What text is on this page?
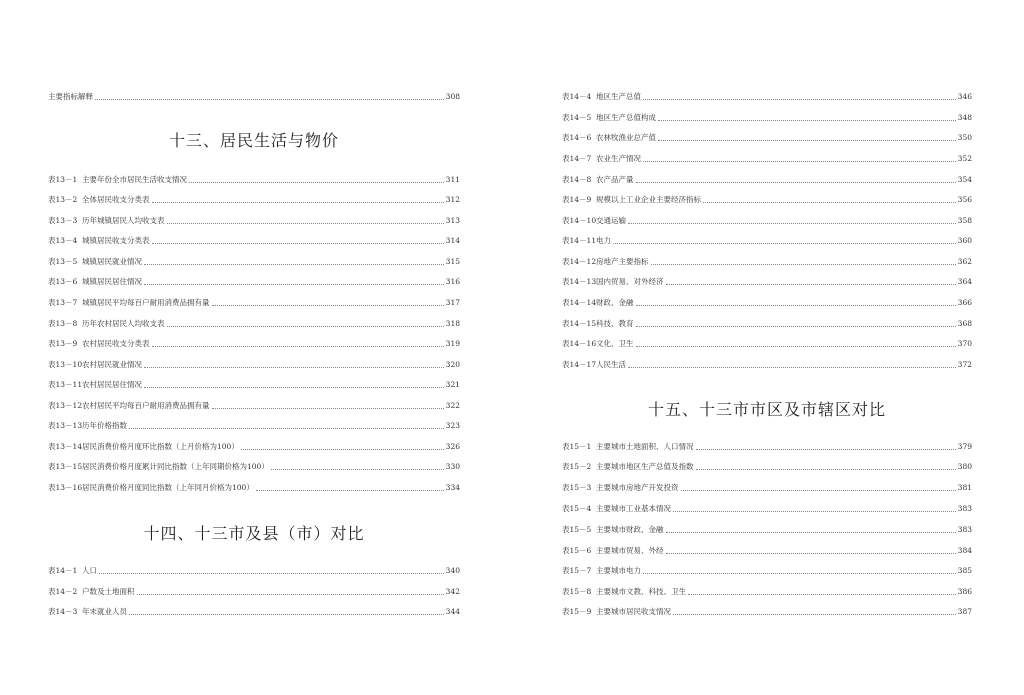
主要指标解释	308
十三、居民生活与物价
表13－1 主要年份全市居民生活收支情况	311
表13－2 全体居民收支分类表	312
表13－3 历年城镇居民人均收支表	313
表13－4 城镇居民收支分类表	314
表13－5 城镇居民就业情况	315
表13－6 城镇居民居住情况	316
表13－7 城镇居民平均每百户耐用消费品拥有量	317
表13－8 历年农村居民人均收支表	318
表13－9 农村居民收支分类表	319
表13－10 农村居民就业情况	320
表13－11 农村居民居住情况	321
表13－12 农村居民平均每百户耐用消费品拥有量	322
表13－13 历年价格指数	323
表13－14 居民消费价格月度环比指数（上月价格为100）	326
表13－15 居民消费价格月度累计同比指数（上年同期价格为100）	330
表13－16 居民消费价格月度同比指数（上年同月价格为100）	334
十四、十三市及县（市）对比
表14－1 人口	340
表14－2 户数及土地面积	342
表14－3 年末就业人员	344
表14－4 地区生产总值	346
表14－5 地区生产总值构成	348
表14－6 农林牧渔业总产值	350
表14－7 农业生产情况	352
表14－8 农产品产量	354
表14－9 规模以上工业企业主要经济指标	356
表14－10 交通运输	358
表14－11 电力	360
表14－12 房地产主要指标	362
表14－13 国内贸易、对外经济	364
表14－14 财政、金融	366
表14－15 科技、教育	368
表14－16 文化、卫生	370
表14－17 人民生活	372
十五、十三市市区及市辖区对比
表15－1 主要城市土地面积、人口情况	379
表15－2 主要城市地区生产总值及指数	380
表15－3 主要城市房地产开发投资	381
表15－4 主要城市工业基本情况	383
表15－5 主要城市财政、金融	383
表15－6 主要城市贸易、外经	384
表15－7 主要城市电力	385
表15－8 主要城市文教、科技、卫生	386
表15－9 主要城市居民收支情况	387
